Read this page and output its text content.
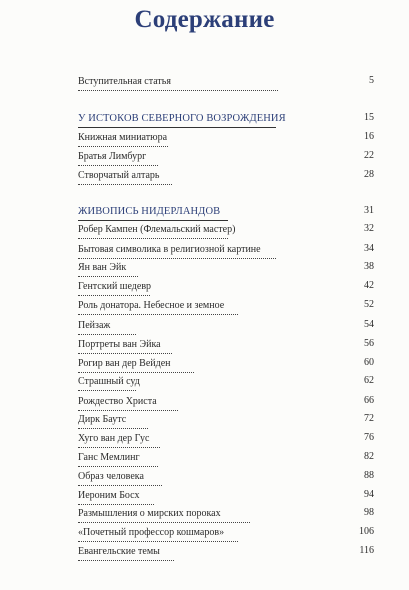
Содержание
Вступительная статья	5
У ИСТОКОВ СЕВЕРНОГО ВОЗРОЖДЕНИЯ	15
Книжная миниатюра	16
Братья Лимбург	22
Створчатый алтарь	28
ЖИВОПИСЬ НИДЕРЛАНДОВ	31
Робер Кампен (Флемальский мастер)	32
Бытовая символика в религиозной картине	34
Ян ван Эйк	38
Гентский шедевр	42
Роль донатора. Небесное и земное	52
Пейзаж	54
Портреты ван Эйка	56
Рогир ван дер Вейден	60
Страшный суд	62
Рождество Христа	66
Дирк Баутс	72
Хуго ван дер Гус	76
Ганс Мемлинг	82
Образ человека	88
Иероним Босх	94
Размышления о мирских пороках	98
«Почетный профессор кошмаров»	106
Евангельские темы	116
